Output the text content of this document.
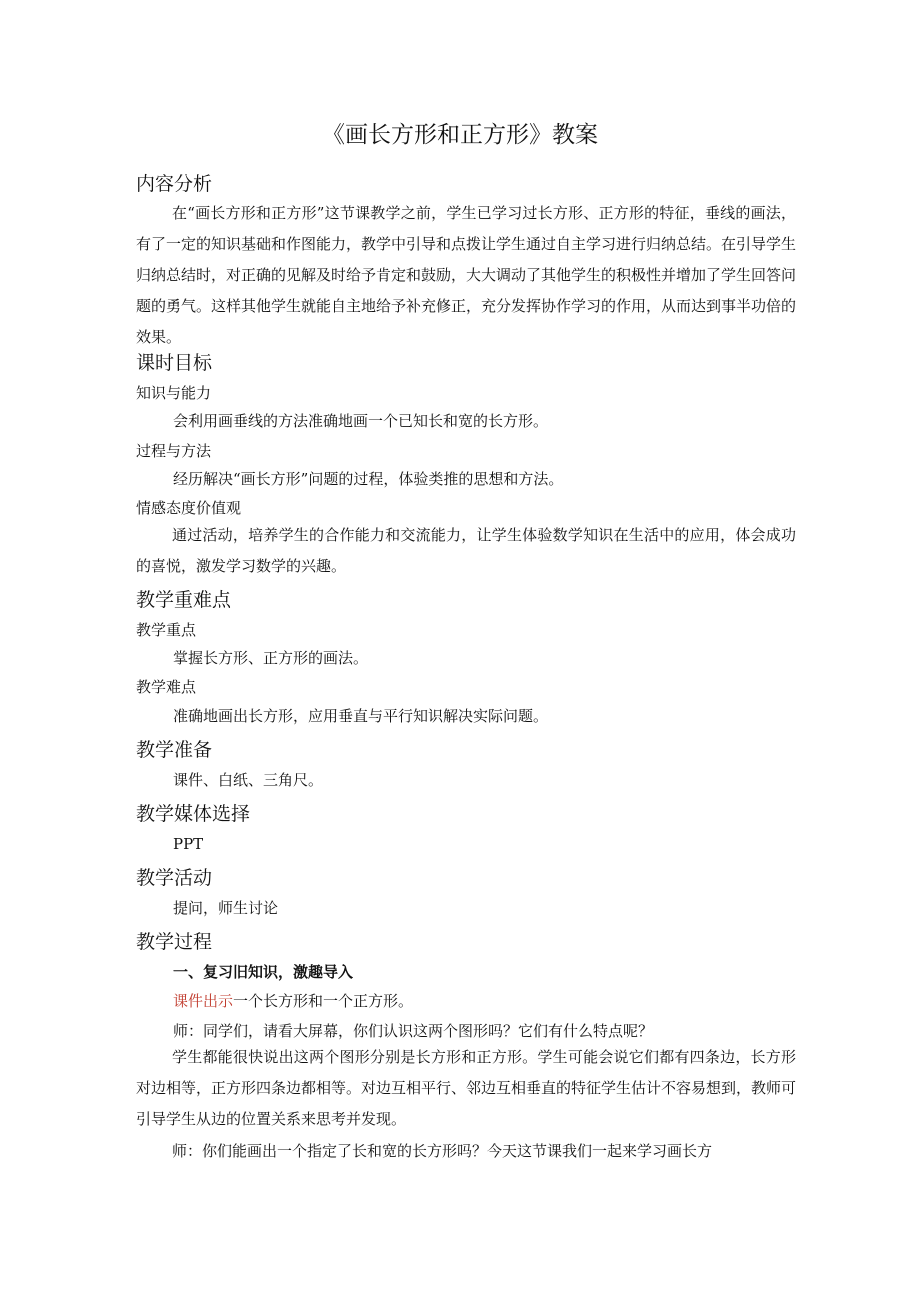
《画长方形和正方形》教案
内容分析

在“画长方形和正方形”这节课教学之前，学生已学习过长方形、正方形的特征，垂线的画法，有了一定的知识基础和作图能力，教学中引导和点拨让学生通过自主学习进行归纳总结。在引导学生归纳总结时，对正确的见解及时给予肯定和鼓励，大大调动了其他学生的积极性并增加了学生回答问题的勇气。这样其他学生就能自主地给予补充修正，充分发挥协作学习的作用，从而达到事半功倍的效果。

课时目标
知识与能力
会利用画垂线的方法准确地画一个已知长和宽的长方形。
过程与方法
经历解决“画长方形”问题的过程，体验类推的思想和方法。
情感态度价值观

通过活动，培养学生的合作能力和交流能力，让学生体验数学知识在生活中的应用，体会成功的喜悦，激发学习数学的兴趣。

教学重难点
教学重点
掌握长方形、正方形的画法。
教学难点
准确地画出长方形，应用垂直与平行知识解决实际问题。
教学准备
课件、白纸、三角尺。
教学媒体选择
PPT
教学活动
提问，师生讨论
教学过程
一、复习旧知识，激趣导入
课件出示一个长方形和一个正方形。
师：同学们，请看大屏幕，你们认识这两个图形吗？它们有什么特点呢？

学生都能很快说出这两个图形分别是长方形和正方形。学生可能会说它们都有四条边，长方形对边相等，正方形四条边都相等。对边互相平行、邻边互相垂直的特征学生估计不容易想到，教师可引导学生从边的位置关系来思考并发现。

师：你们能画出一个指定了长和宽的长方形吗？今天这节课我们一起来学习画长方
